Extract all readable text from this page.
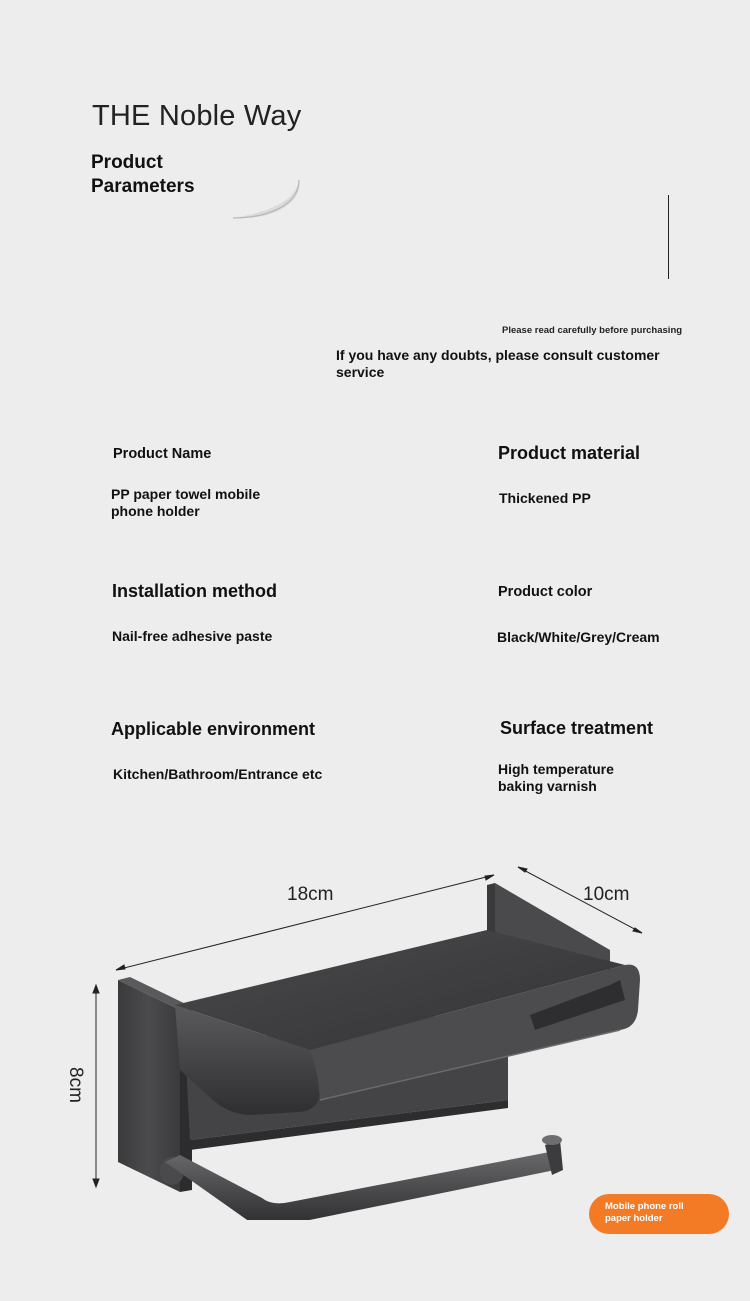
THE Noble Way
Product
Parameters
Please read carefully before purchasing
If you have any doubts, please consult customer service
Product Name
PP paper towel mobile
phone holder
Product material
Thickened PP
Installation method
Nail-free adhesive paste
Product color
Black/White/Grey/Cream
Applicable environment
Kitchen/Bathroom/Entrance etc
Surface treatment
High temperature
baking varnish
18cm	10cm
8cm
Mobile phone roll
paper holder
